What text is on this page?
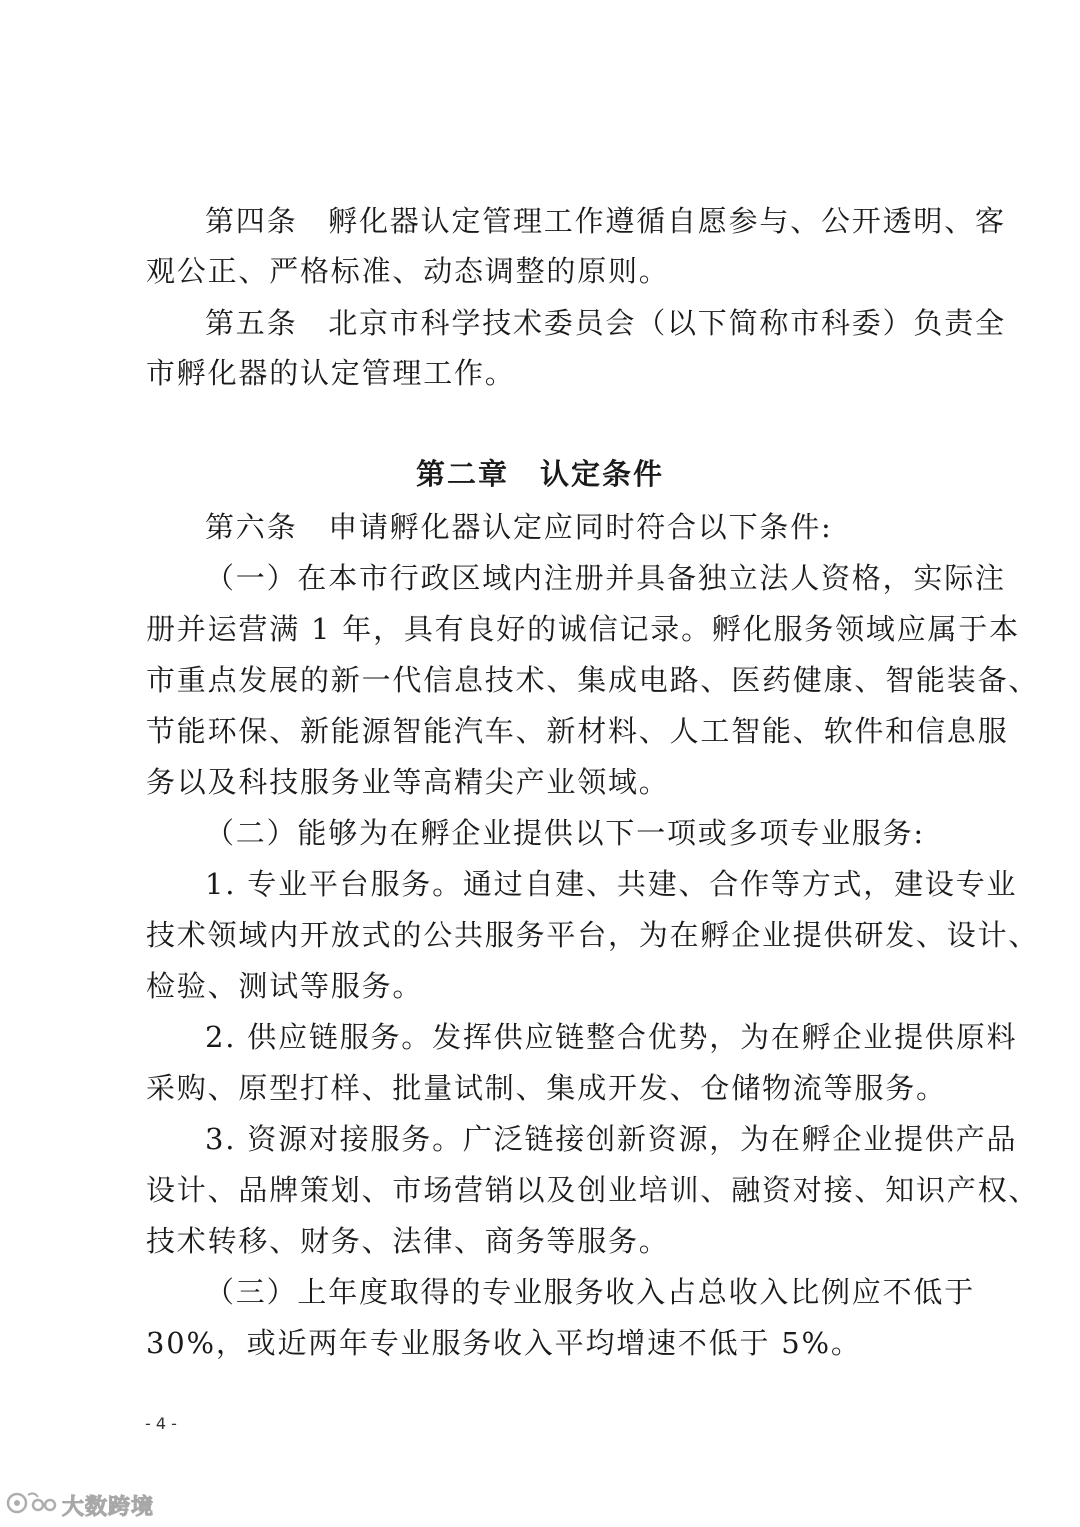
第四条　孵化器认定管理工作遵循自愿参与、公开透明、客
观公正、严格标准、动态调整的原则。
第五条　北京市科学技术委员会（以下简称市科委）负责全
市孵化器的认定管理工作。
第二章　认定条件
第六条　申请孵化器认定应同时符合以下条件:
（一）在本市行政区域内注册并具备独立法人资格，实际注
册并运营满 1 年，具有良好的诚信记录。孵化服务领域应属于本
市重点发展的新一代信息技术、集成电路、医药健康、智能装备、
节能环保、新能源智能汽车、新材料、人工智能、软件和信息服
务以及科技服务业等高精尖产业领域。
（二）能够为在孵企业提供以下一项或多项专业服务:
1. 专业平台服务。通过自建、共建、合作等方式，建设专业
技术领域内开放式的公共服务平台，为在孵企业提供研发、设计、
检验、测试等服务。
2. 供应链服务。发挥供应链整合优势，为在孵企业提供原料
采购、原型打样、批量试制、集成开发、仓储物流等服务。
3. 资源对接服务。广泛链接创新资源，为在孵企业提供产品
设计、品牌策划、市场营销以及创业培训、融资对接、知识产权、
技术转移、财务、法律、商务等服务。
（三）上年度取得的专业服务收入占总收入比例应不低于
30%，或近两年专业服务收入平均增速不低于 5%。
- 4 -
大数跨境
